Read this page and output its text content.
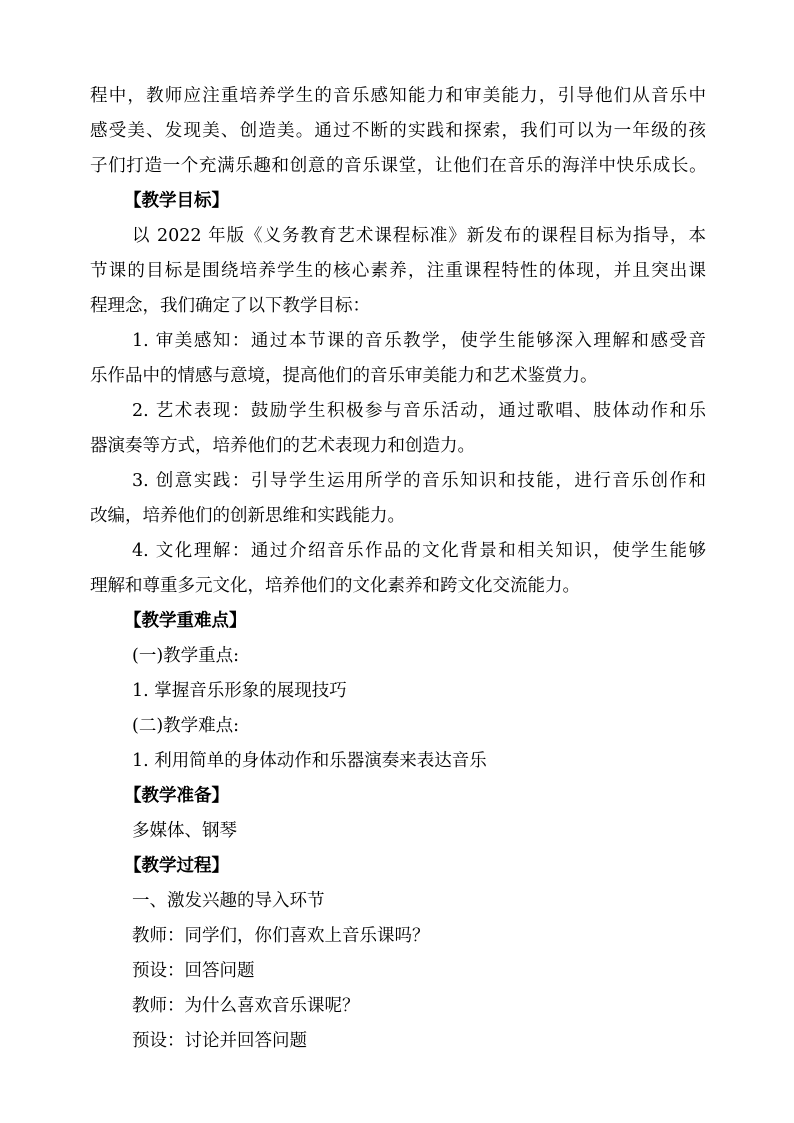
程中，教师应注重培养学生的音乐感知能力和审美能力，引导他们从音乐中

感受美、发现美、创造美。通过不断的实践和探索，我们可以为一年级的孩

子们打造一个充满乐趣和创意的音乐课堂，让他们在音乐的海洋中快乐成长。

【教学目标】

以 2022 年版《义务教育艺术课程标准》新发布的课程目标为指导，本

节课的目标是围绕培养学生的核心素养，注重课程特性的体现，并且突出课

程理念，我们确定了以下教学目标：

1. 审美感知：通过本节课的音乐教学，使学生能够深入理解和感受音

乐作品中的情感与意境，提高他们的音乐审美能力和艺术鉴赏力。

2. 艺术表现：鼓励学生积极参与音乐活动，通过歌唱、肢体动作和乐

器演奏等方式，培养他们的艺术表现力和创造力。

3. 创意实践：引导学生运用所学的音乐知识和技能，进行音乐创作和

改编，培养他们的创新思维和实践能力。

4. 文化理解：通过介绍音乐作品的文化背景和相关知识，使学生能够

理解和尊重多元文化，培养他们的文化素养和跨文化交流能力。

【教学重难点】

(一)教学重点:

1. 掌握音乐形象的展现技巧

(二)教学难点:

1. 利用简单的身体动作和乐器演奏来表达音乐

【教学准备】

多媒体、钢琴

【教学过程】

一、激发兴趣的导入环节

教师：同学们，你们喜欢上音乐课吗？

预设：回答问题

教师：为什么喜欢音乐课呢？

预设：讨论并回答问题
